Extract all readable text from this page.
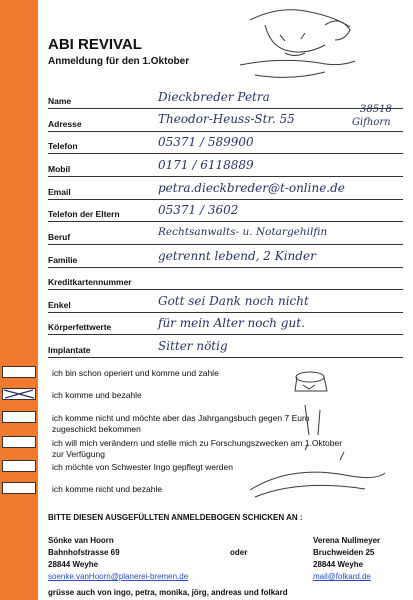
ABI REVIVAL
Anmeldung für den 1.Oktober
Name	Dieckbreder Petra
Adresse	Theodor-Heuss-Str. 55
38518
Gifhorn
Telefon	05371 / 589900
Mobil	0171 / 6118889
Email	petra.dieckbreder@t-online.de
Telefon der Eltern	05371 / 3602
Beruf	Rechtsanwalts- u. Notargehilfin
Familie	getrennt lebend, 2 Kinder
Kreditkartennummer
Enkel	Gott sei Dank noch nicht
Körperfettwerte	für mein Alter noch gut.
Implantate	Sitter nötig
ich bin schon operiert und komme und zahle
ich komme und bezahle
ich komme nicht und möchte aber das Jahrgangsbuch gegen 7 Euro zugeschickt bekommen
ich will mich verändern und stelle mich zu Forschungszwecken am 1.Oktober zur Verfügung
ich möchte von Schwester Ingo gepflegt werden
ich komme nicht und bezahle
BITTE DIESEN AUSGEFÜLLTEN ANMELDEBOGEN SCHICKEN AN :
Sönke van Hoorn
Bahnhofstrasse 69
28844 Weyhe
soenke.vanHoorn@planerei-bremen.de
oder
Verena Nullmeyer
Bruchweiden 25
28844 Weyhe
mail@folkard.de
grüsse auch von ingo, petra, monika, jörg, andreas und folkard
